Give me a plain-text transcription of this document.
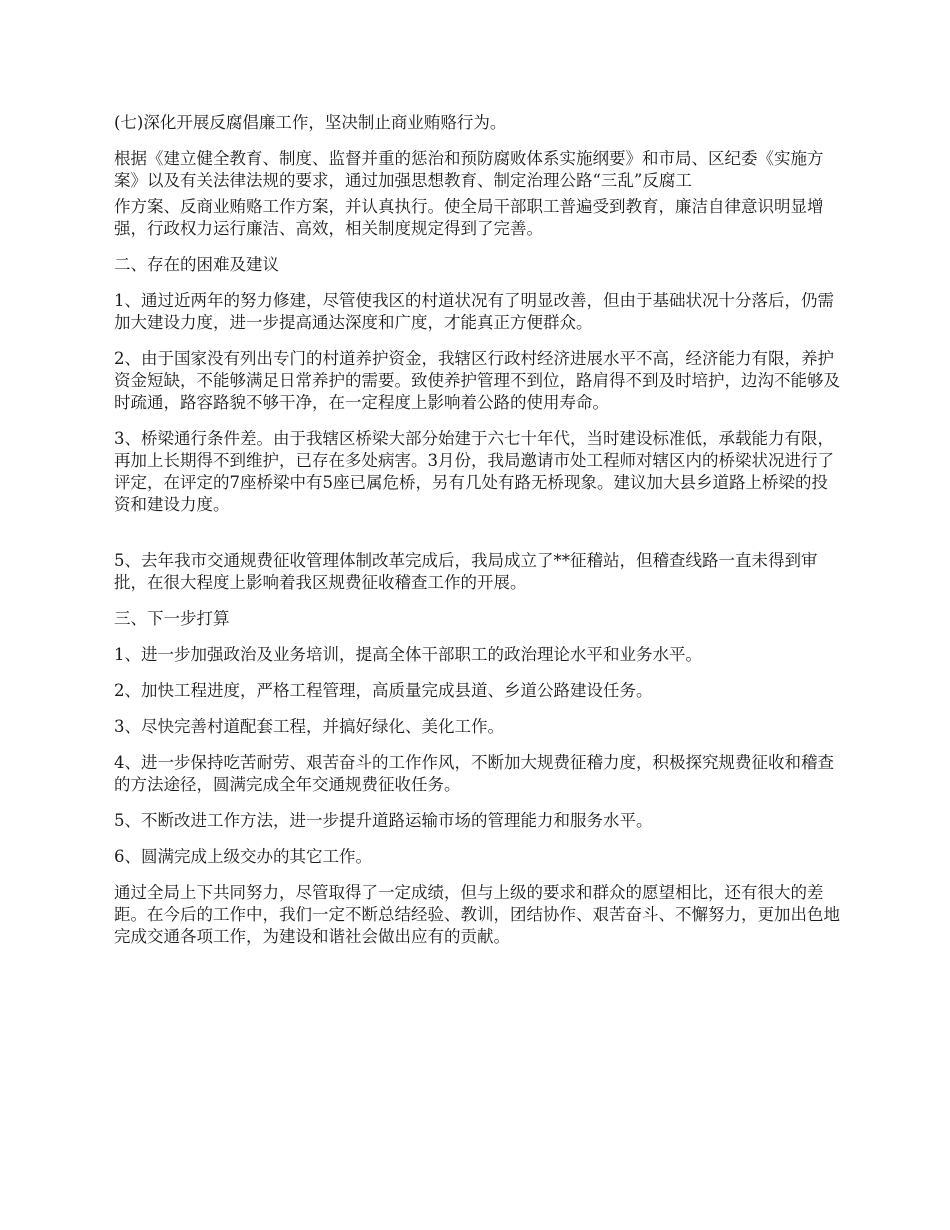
(七)深化开展反腐倡廉工作，坚决制止商业贿赂行为。

根据《建立健全教育、制度、监督并重的惩治和预防腐败体系实施纲要》和市局、区纪委《实施方案》以及有关法律法规的要求，通过加强思想教育、制定治理公路“三乱”反腐工

作方案、反商业贿赂工作方案，并认真执行。使全局干部职工普遍受到教育，廉洁自律意识明显增强，行政权力运行廉洁、高效，相关制度规定得到了完善。

二、存在的困难及建议

1、通过近两年的努力修建，尽管使我区的村道状况有了明显改善，但由于基础状况十分落后，仍需加大建设力度，进一步提高通达深度和广度，才能真正方便群众。

2、由于国家没有列出专门的村道养护资金，我辖区行政村经济进展水平不高，经济能力有限，养护资金短缺，不能够满足日常养护的需要。致使养护管理不到位，路肩得不到及时培护，边沟不能够及时疏通，路容路貌不够干净，在一定程度上影响着公路的使用寿命。

3、桥梁通行条件差。由于我辖区桥梁大部分始建于六七十年代，当时建设标准低，承载能力有限，再加上长期得不到维护，已存在多处病害。3月份，我局邀请市处工程师对辖区内的桥梁状况进行了评定，在评定的7座桥梁中有5座已属危桥，另有几处有路无桥现象。建议加大县乡道路上桥梁的投资和建设力度。

5、去年我市交通规费征收管理体制改革完成后，我局成立了**征稽站，但稽查线路一直未得到审批，在很大程度上影响着我区规费征收稽查工作的开展。

三、下一步打算

1、进一步加强政治及业务培训，提高全体干部职工的政治理论水平和业务水平。

2、加快工程进度，严格工程管理，高质量完成县道、乡道公路建设任务。

3、尽快完善村道配套工程，并搞好绿化、美化工作。

4、进一步保持吃苦耐劳、艰苦奋斗的工作作风，不断加大规费征稽力度，积极探究规费征收和稽查的方法途径，圆满完成全年交通规费征收任务。

5、不断改进工作方法，进一步提升道路运输市场的管理能力和服务水平。

6、圆满完成上级交办的其它工作。

通过全局上下共同努力，尽管取得了一定成绩，但与上级的要求和群众的愿望相比，还有很大的差距。在今后的工作中，我们一定不断总结经验、教训，团结协作、艰苦奋斗、不懈努力，更加出色地完成交通各项工作，为建设和谐社会做出应有的贡献。
